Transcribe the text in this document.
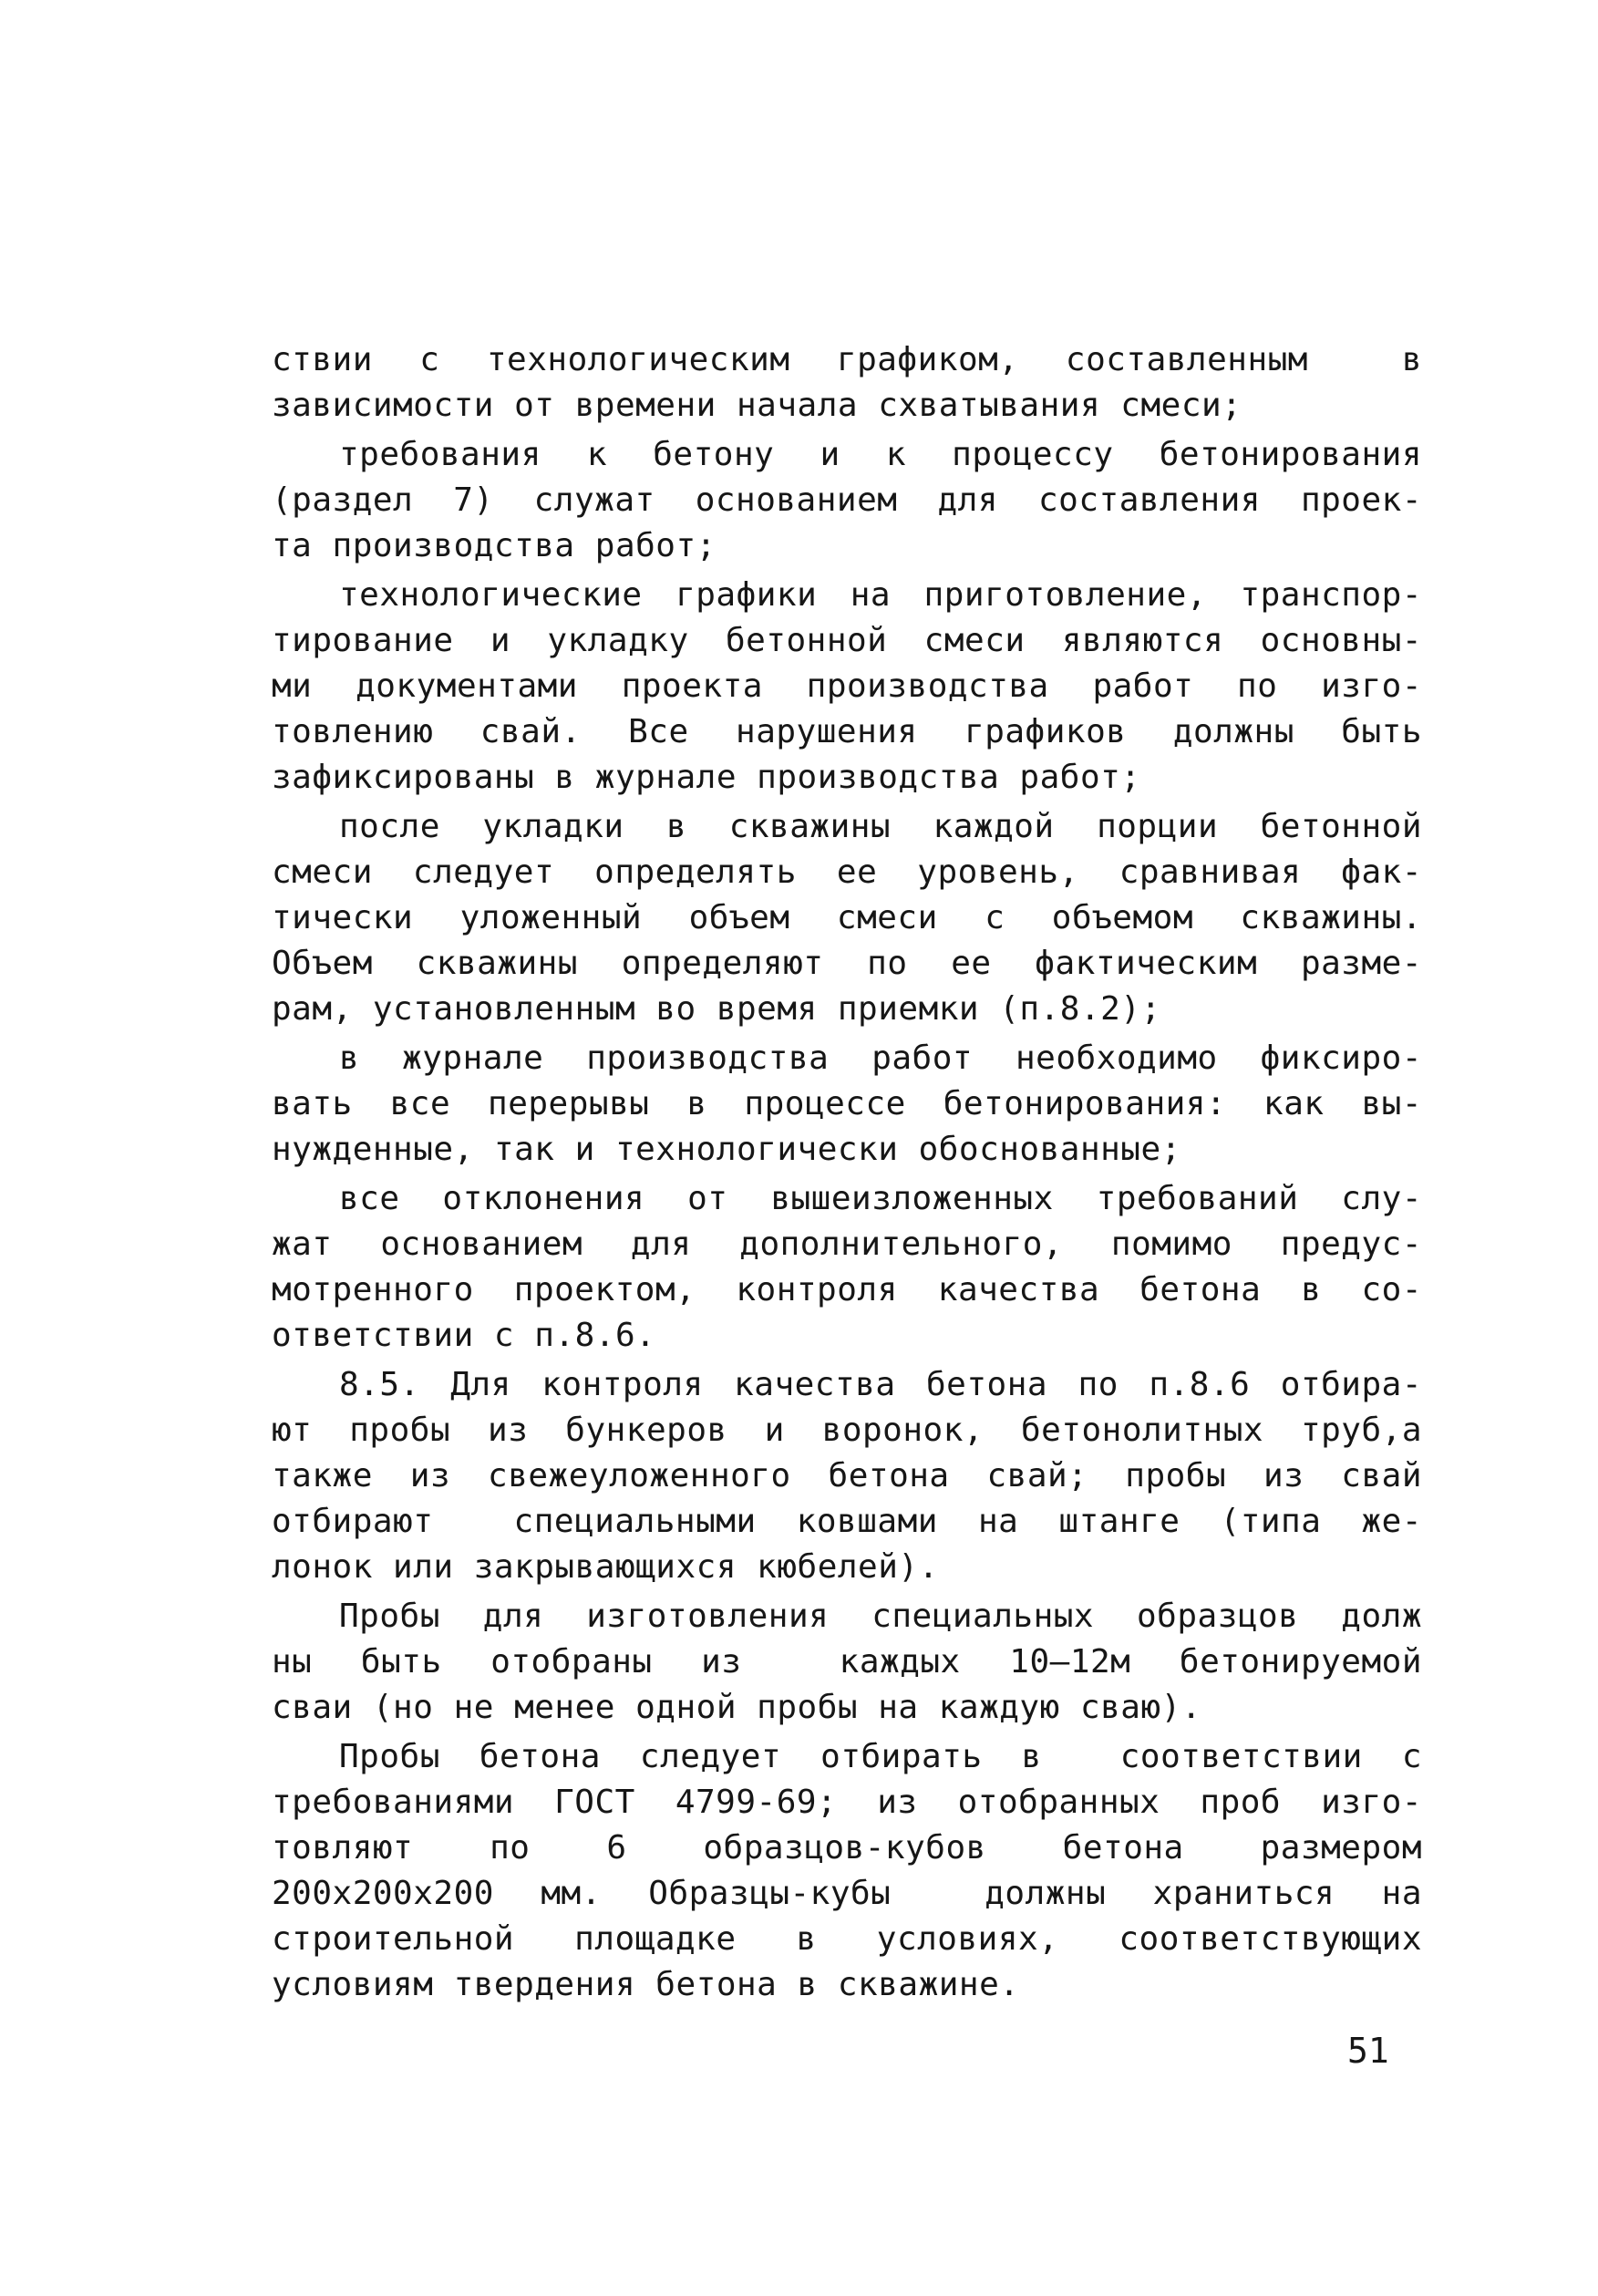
ствии с технологическим графиком, составленным  в
зависимости от времени начала схватывания смеси;
требования к бетону и к процессу бетонирования
(раздел 7) служат основанием для составления проек-
та производства работ;
технологические графики на приготовление, транспор-
тирование и укладку бетонной смеси являются основны-
ми документами проекта производства работ по изго-
товлению свай. Все нарушения графиков должны быть
зафиксированы в журнале производства работ;
после укладки в скважины каждой порции бетонной
смеси следует определять ее уровень, сравнивая фак-
тически уложенный объем смеси с объемом скважины.
Объем скважины определяют по ее фактическим разме-
рам, установленным во время приемки (п.8.2);
в журнале производства работ необходимо фиксиро-
вать все перерывы в процессе бетонирования: как вы-
нужденные, так и технологически обоснованные;
все отклонения от вышеизложенных требований слу-
жат основанием для дополнительного, помимо предус-
мотренного проектом, контроля качества бетона в со-
ответствии с п.8.6.
8.5. Для контроля качества бетона по п.8.6 отбира-
ют пробы из бункеров и воронок, бетонолитных труб,а
также из свежеуложенного бетона свай; пробы из свай
отбирают  специальными ковшами на штанге (типа же-
лонок или закрывающихся кюбелей).
Пробы для изготовления специальных образцов долж
ны быть отобраны из  каждых 10–12м бетонируемой
сваи (но не менее одной пробы на каждую сваю).
Пробы бетона следует отбирать в  соответствии с
требованиями ГОСТ 4799-69; из отобранных проб изго-
товляют по 6 образцов-кубов бетона размером
200х200х200 мм. Образцы-кубы  должны храниться на
строительной площадке в условиях, соответствующих
условиям твердения бетона в скважине.
51
